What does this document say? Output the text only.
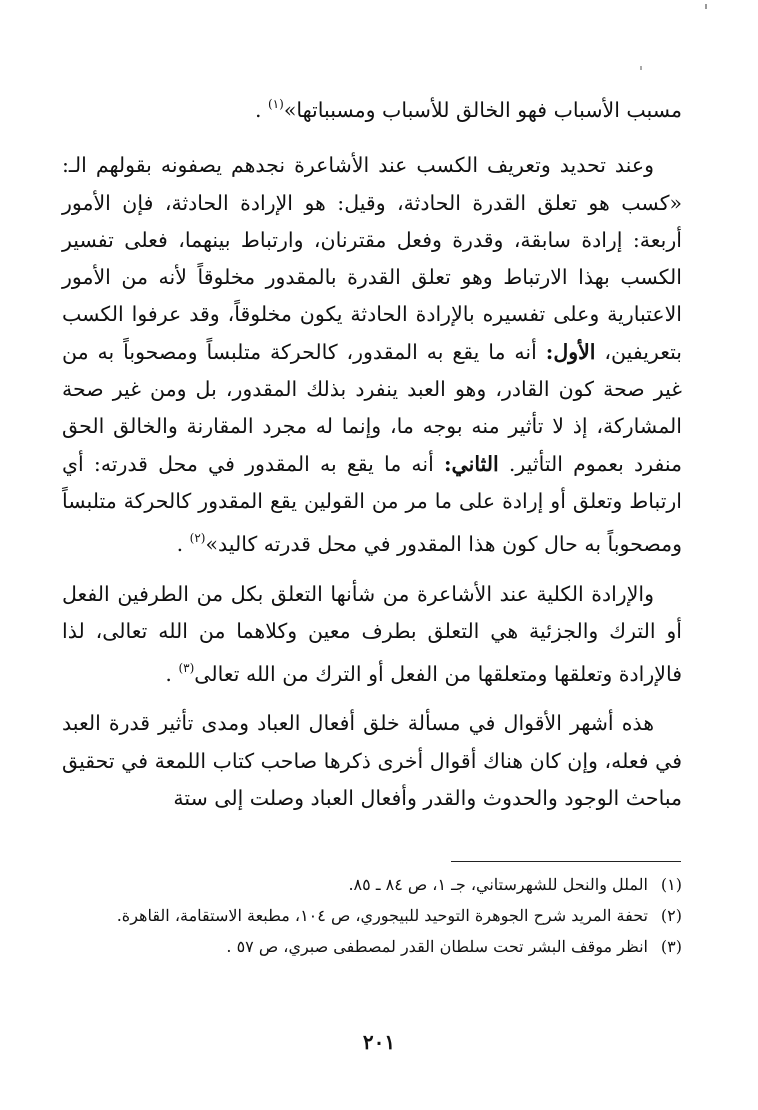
مسبب الأسباب فهو الخالق للأسباب ومسبباتها»$^{(١)}$ .

وعند تحديد وتعريف الكسب عند الأشاعرة نجدهم يصفونه بقولهم الـ: «كسب هو تعلق القدرة الحادثة، وقيل: هو الإرادة الحادثة، فإن الأمور أربعة: إرادة سابقة، وقدرة وفعل مقترنان، وارتباط بينهما، فعلى تفسير الكسب بهذا الارتباط وهو تعلق القدرة بالمقدور مخلوقاً لأنه من الأمور الاعتبارية وعلى تفسيره بالإرادة الحادثة يكون مخلوقاً، وقد عرفوا الكسب بتعريفين، الأول: أنه ما يقع به المقدور، كالحركة متلبساً ومصحوباً به من غير صحة كون القادر، وهو العبد ينفرد بذلك المقدور، بل ومن غير صحة المشاركة، إذ لا تأثير منه بوجه ما، وإنما له مجرد المقارنة والخالق الحق منفرد بعموم التأثير. الثاني: أنه ما يقع به المقدور في محل قدرته: أي ارتباط وتعلق أو إرادة على ما مر من القولين يقع المقدور كالحركة متلبساً ومصحوباً به حال كون هذا المقدور في محل قدرته كاليد»$^{(٢)}$ .

والإرادة الكلية عند الأشاعرة من شأنها التعلق بكل من الطرفين الفعل أو الترك والجزئية هي التعلق بطرف معين وكلاهما من الله تعالى، لذا فالإرادة وتعلقها ومتعلقها من الفعل أو الترك من الله تعالى$^{(٣)}$ .

هذه أشهر الأقوال في مسألة خلق أفعال العباد ومدى تأثير قدرة العبد في فعله، وإن كان هناك أقوال أخرى ذكرها صاحب كتاب اللمعة في تحقيق مباحث الوجود والحدوث والقدر وأفعال العباد وصلت إلى ستة

(١)
الملل والنحل للشهرستاني، جـ ١، ص ٨٤ ـ ٨٥.
(٢)
تحفة المريد شرح الجوهرة التوحيد للبيجوري، ص ١٠٤، مطبعة الاستقامة، القاهرة.
(٣)
انظر موقف البشر تحت سلطان القدر لمصطفى صبري، ص ٥٧ .
٢٠١
